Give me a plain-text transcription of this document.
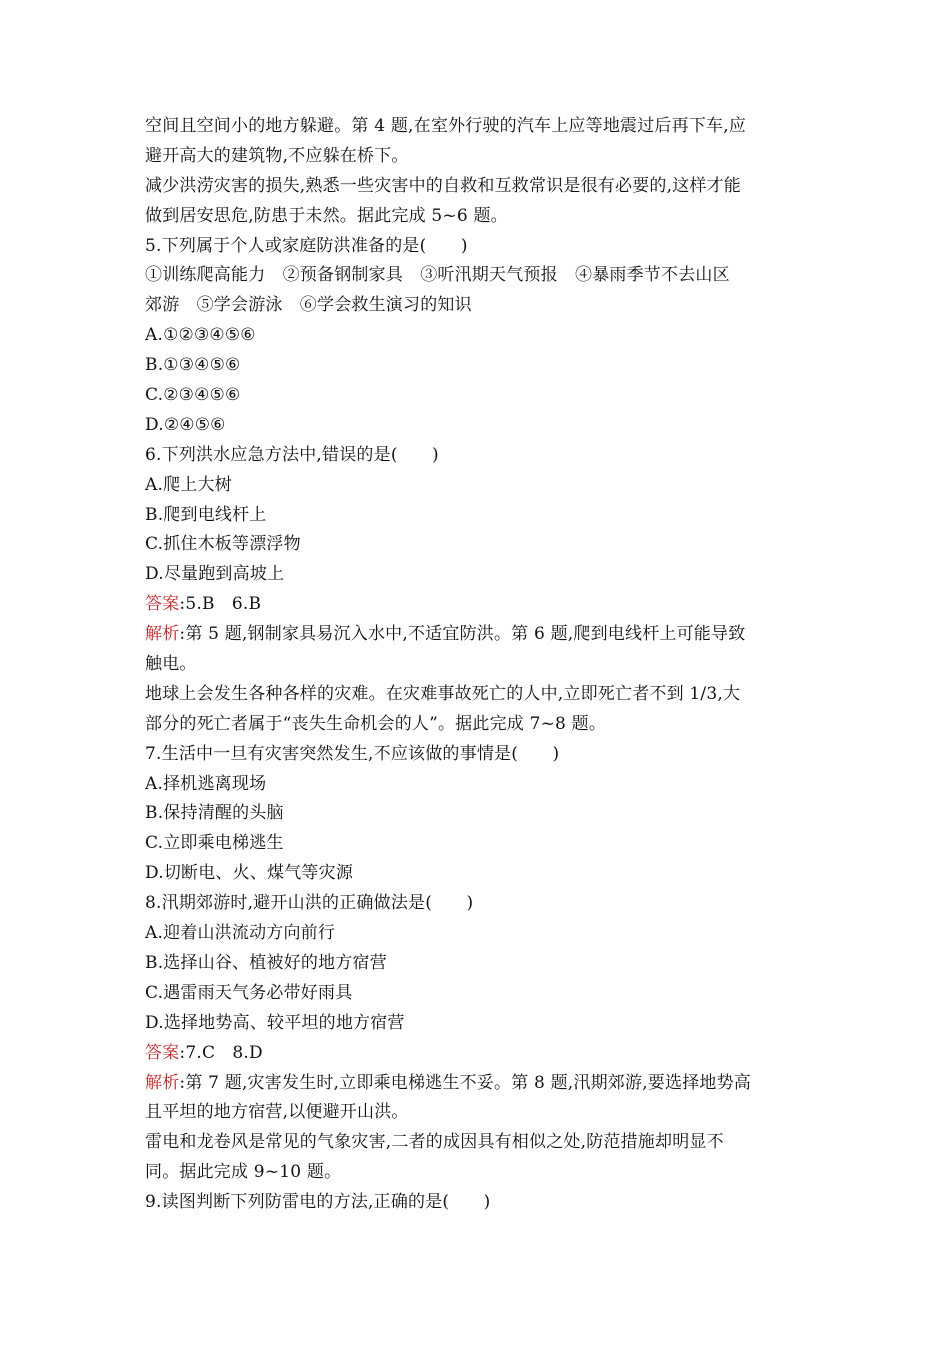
空间且空间小的地方躲避。第 4 题,在室外行驶的汽车上应等地震过后再下车,应
避开高大的建筑物,不应躲在桥下。
减少洪涝灾害的损失,熟悉一些灾害中的自救和互救常识是很有必要的,这样才能
做到居安思危,防患于未然。据此完成 5~6 题。
5.下列属于个人或家庭防洪准备的是(　　)
①训练爬高能力　②预备钢制家具　③听汛期天气预报　④暴雨季节不去山区
郊游　⑤学会游泳　⑥学会救生演习的知识
A.①②③④⑤⑥
B.①③④⑤⑥
C.②③④⑤⑥
D.②④⑤⑥
6.下列洪水应急方法中,错误的是(　　)
A.爬上大树
B.爬到电线杆上
C.抓住木板等漂浮物
D.尽量跑到高坡上
答案:5.B　6.B
解析:第 5 题,钢制家具易沉入水中,不适宜防洪。第 6 题,爬到电线杆上可能导致
触电。
地球上会发生各种各样的灾难。在灾难事故死亡的人中,立即死亡者不到 1/3,大
部分的死亡者属于“丧失生命机会的人”。据此完成 7~8 题。
7.生活中一旦有灾害突然发生,不应该做的事情是(　　)
A.择机逃离现场
B.保持清醒的头脑
C.立即乘电梯逃生
D.切断电、火、煤气等灾源
8.汛期郊游时,避开山洪的正确做法是(　　)
A.迎着山洪流动方向前行
B.选择山谷、植被好的地方宿营
C.遇雷雨天气务必带好雨具
D.选择地势高、较平坦的地方宿营
答案:7.C　8.D
解析:第 7 题,灾害发生时,立即乘电梯逃生不妥。第 8 题,汛期郊游,要选择地势高
且平坦的地方宿营,以便避开山洪。
雷电和龙卷风是常见的气象灾害,二者的成因具有相似之处,防范措施却明显不
同。据此完成 9~10 题。
9.读图判断下列防雷电的方法,正确的是(　　)
